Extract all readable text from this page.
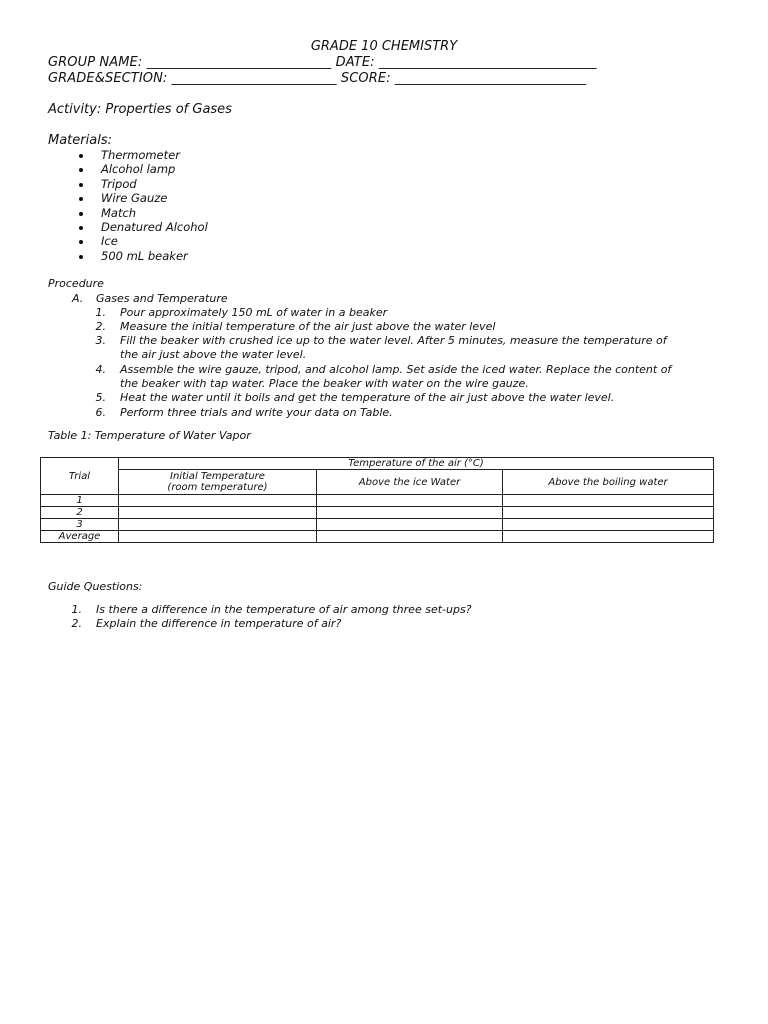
GRADE 10 CHEMISTRY
GROUP NAME: ____________________________ DATE: _________________________________
GRADE&SECTION: _________________________ SCORE: _____________________________
Activity: Properties of Gases
Materials:
Thermometer
Alcohol lamp
Tripod
Wire Gauze
Match
Denatured Alcohol
Ice
500 mL beaker
Procedure
A. Gases and Temperature
1. Pour approximately 150 mL of water in a beaker
2. Measure the initial temperature of the air just above the water level
3. Fill the beaker with crushed ice up to the water level. After 5 minutes, measure the temperature of
the air just above the water level.
4. Assemble the wire gauze, tripod, and alcohol lamp. Set aside the iced water. Replace the content of
the beaker with tap water. Place the beaker with water on the wire gauze.
5. Heat the water until it boils and get the temperature of the air just above the water level.
6. Perform three trials and write your data on Table.
Table 1: Temperature of Water Vapor
Trial	Temperature of the air (°C)		

	Initial Temperature
(room temperature)	Above the ice Water	Above the boiling water
1			
2			
3			
Average			
Guide Questions:
1. Is there a difference in the temperature of air among three set-ups?
2. Explain the difference in temperature of air?
